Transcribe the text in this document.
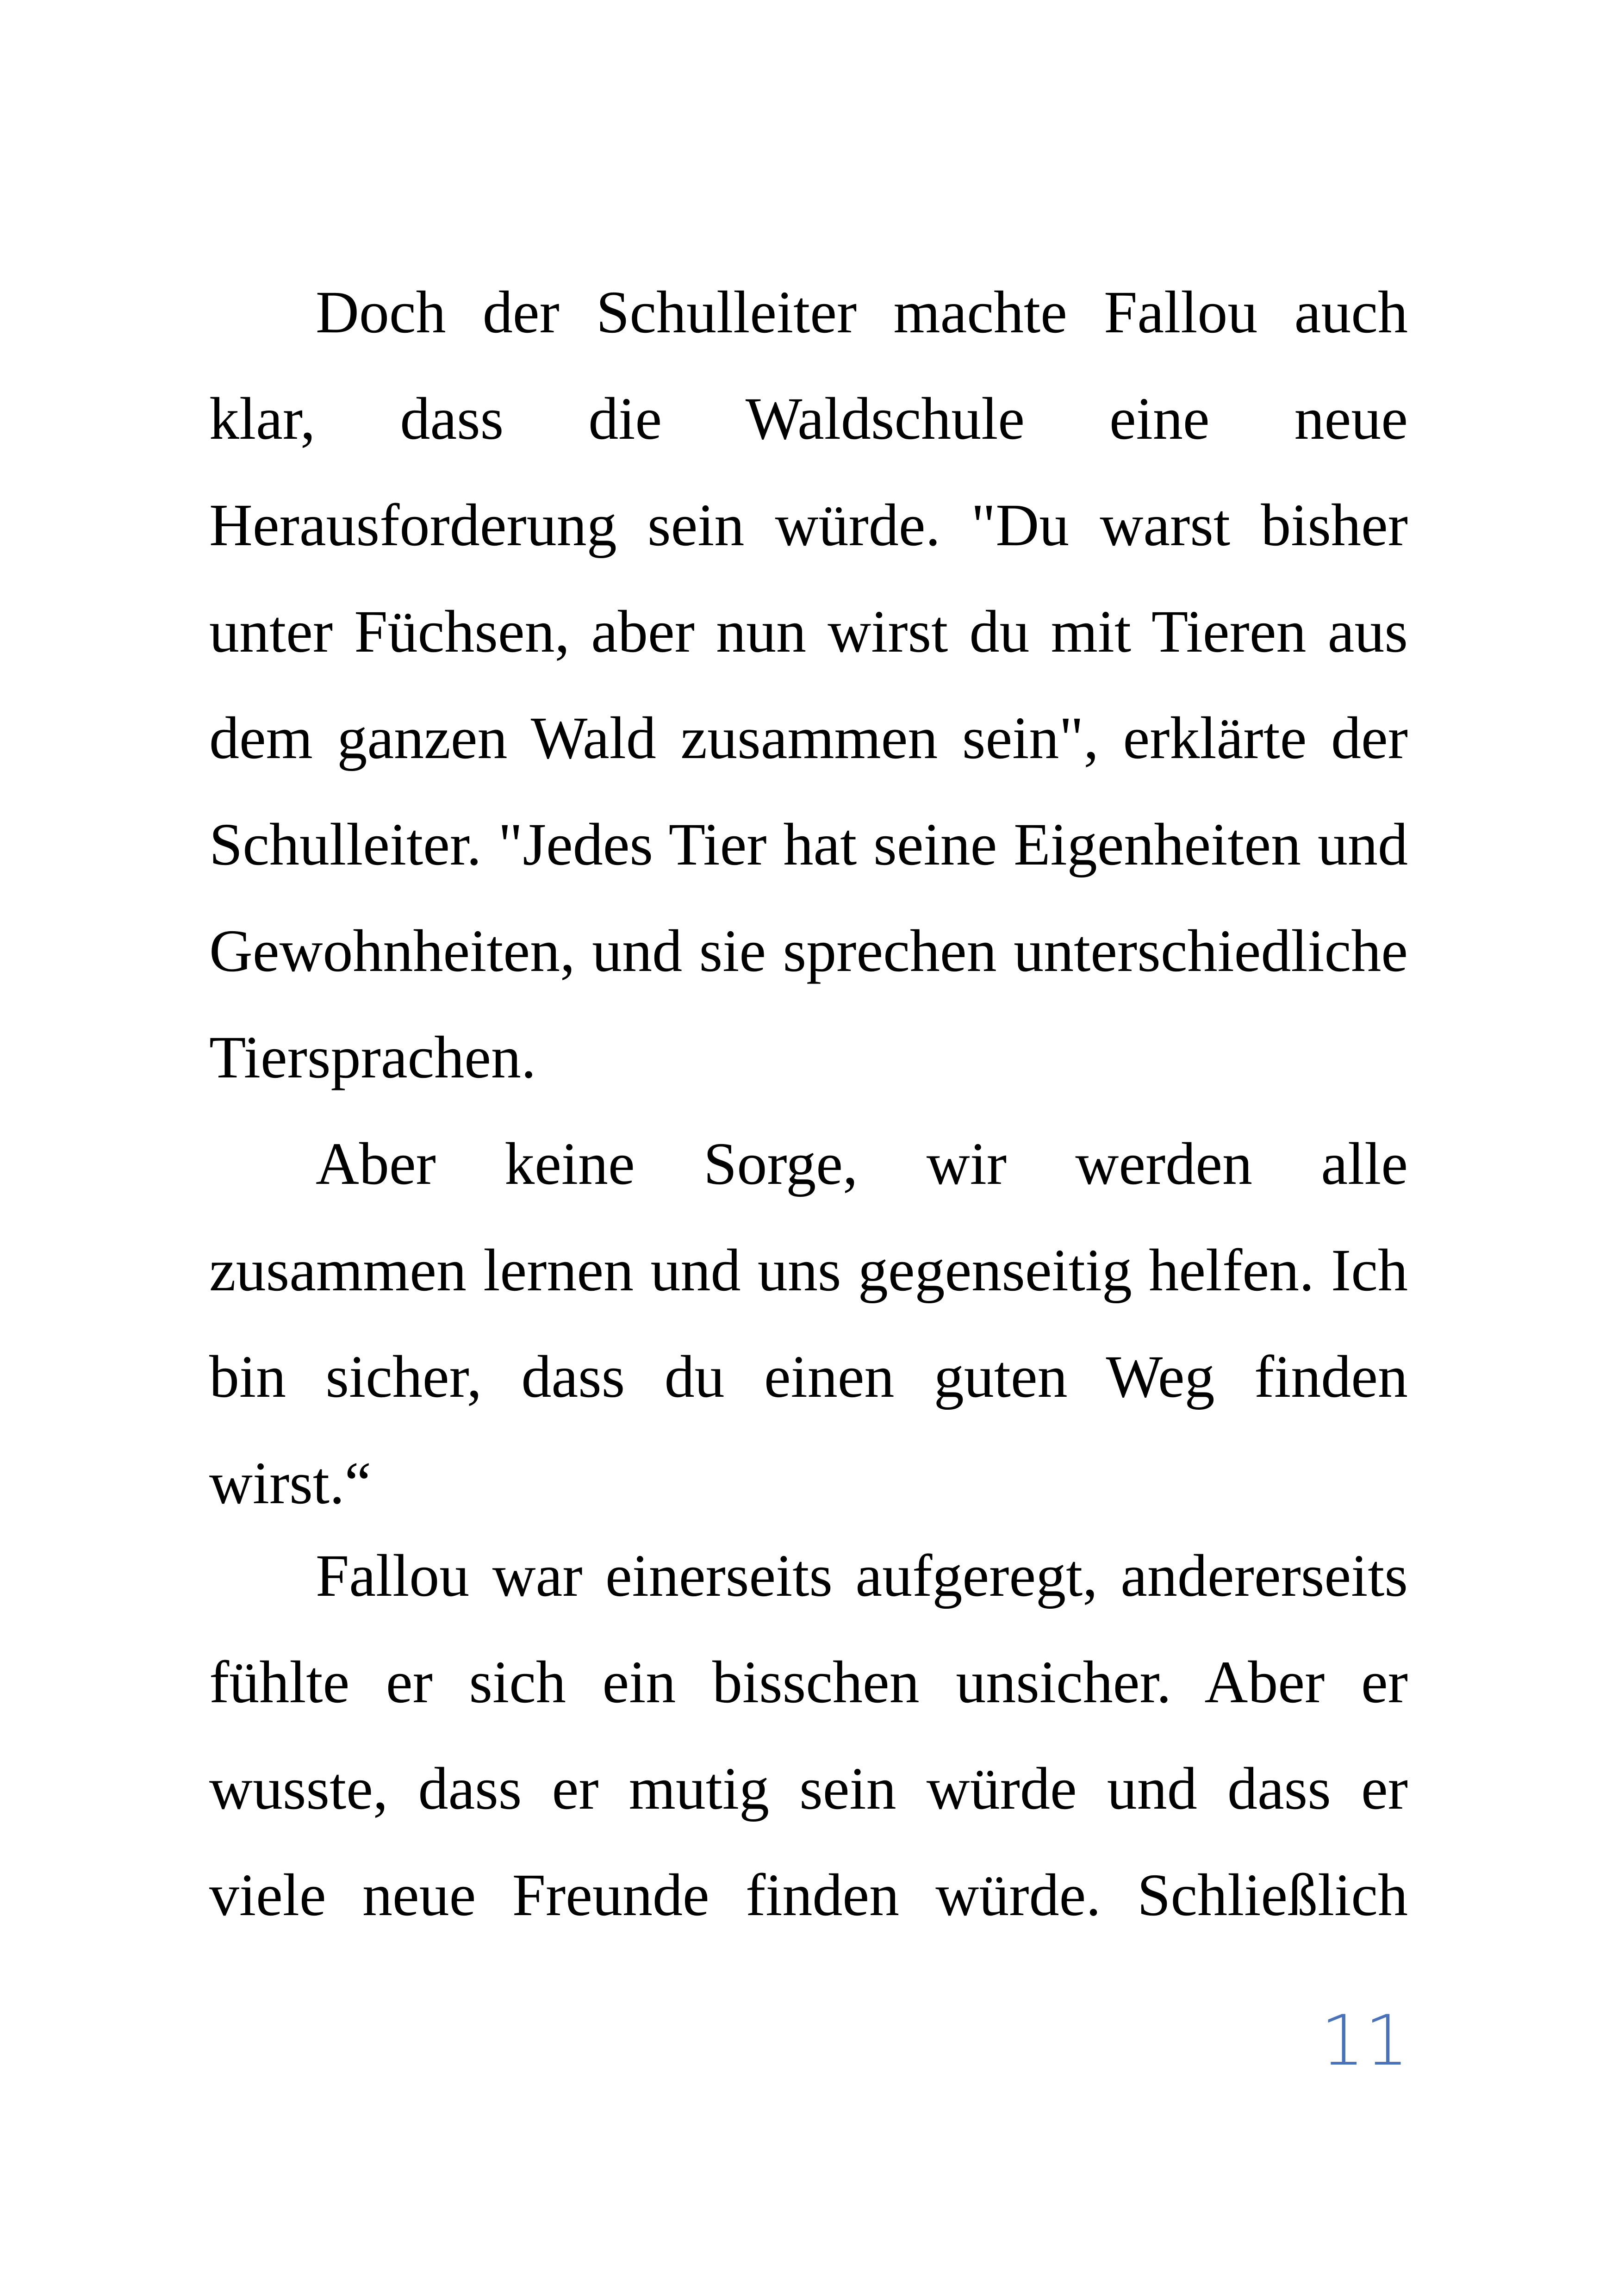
Doch der Schulleiter machte Fallou auch klar, dass die Waldschule eine neue Herausforderung sein würde. "Du warst bisher unter Füchsen, aber nun wirst du mit Tieren aus dem ganzen Wald zusammen sein", erklärte der Schulleiter. "Jedes Tier hat seine Eigenheiten und Gewohnheiten, und sie sprechen unterschiedliche Tiersprachen.

Aber keine Sorge, wir werden alle zusammen lernen und uns gegenseitig helfen. Ich bin sicher, dass du einen guten Weg finden wirst.“

Fallou war einerseits aufgeregt, andererseits fühlte er sich ein bisschen unsicher. Aber er wusste, dass er mutig sein würde und dass er viele neue Freunde finden würde. Schließlich

11
